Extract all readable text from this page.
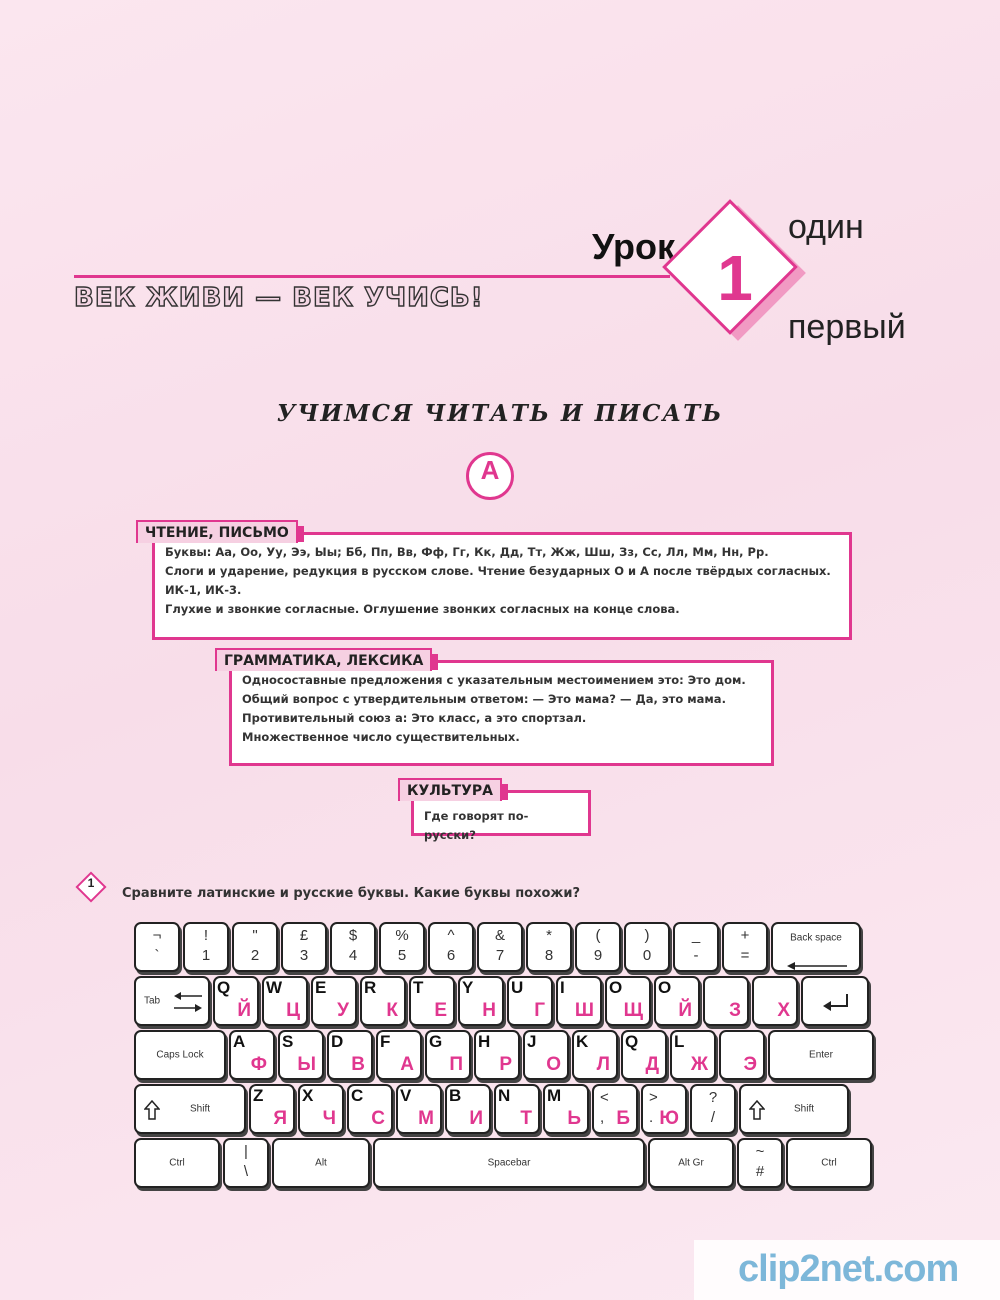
Урок
ВЕК ЖИВИ — ВЕК УЧИСЬ!	1
один
первый
УЧИМСЯ ЧИТАТЬ И ПИСАТЬ
А
Буквы: Аа, Оо, Уу, Ээ, Ыы; Бб, Пп, Вв, Фф, Гг, Кк, Дд, Тт, Жж, Шш, Зз, Сс, Лл, Мм, Нн, Рр.
Слоги и ударение, редукция в русском слове. Чтение безударных О и А после твёрдых согласных.
ИК-1, ИК-3.
Глухие и звонкие согласные. Оглушение звонких согласных на конце слова.
ЧТЕНИЕ, ПИСЬМО
Односоставные предложения с указательным местоимением это: Это дом.
Общий вопрос с утвердительным ответом: — Это мама? — Да, это мама.
Противительный союз а: Это класс, а это спортзал.
Множественное число существительных.
ГРАММАТИКА, ЛЕКСИКА
Где говорят по-русски?
КУЛЬТУРА
1
Сравните латинские и русские буквы. Какие буквы похожи?
¬
`
!
1
"
2
£
3
$
4
%
5
^
6
&
7
*
8
(
9
)
0
_
-
+
=
Back space
Tab
Q
Й
W
Ц
E
У
R
К
T
Е
Y
Н
U
Г
I
Ш
O
Щ
O
Й З Х
Caps Lock
A
Ф
S
Ы
D
В
F
А
G
П
H
Р
J
О
K
Л
Q
Д
L
Ж Э	Enter
Shift
Z
Я
X
Ч
C
С
V
М
B
И
N
Т
M
Ь
<
, Б
>
. Ю
?
/	Shift
Ctrl
|
\	Alt	Spacebar	Alt Gr
~
#	Ctrl
clip2net.com
